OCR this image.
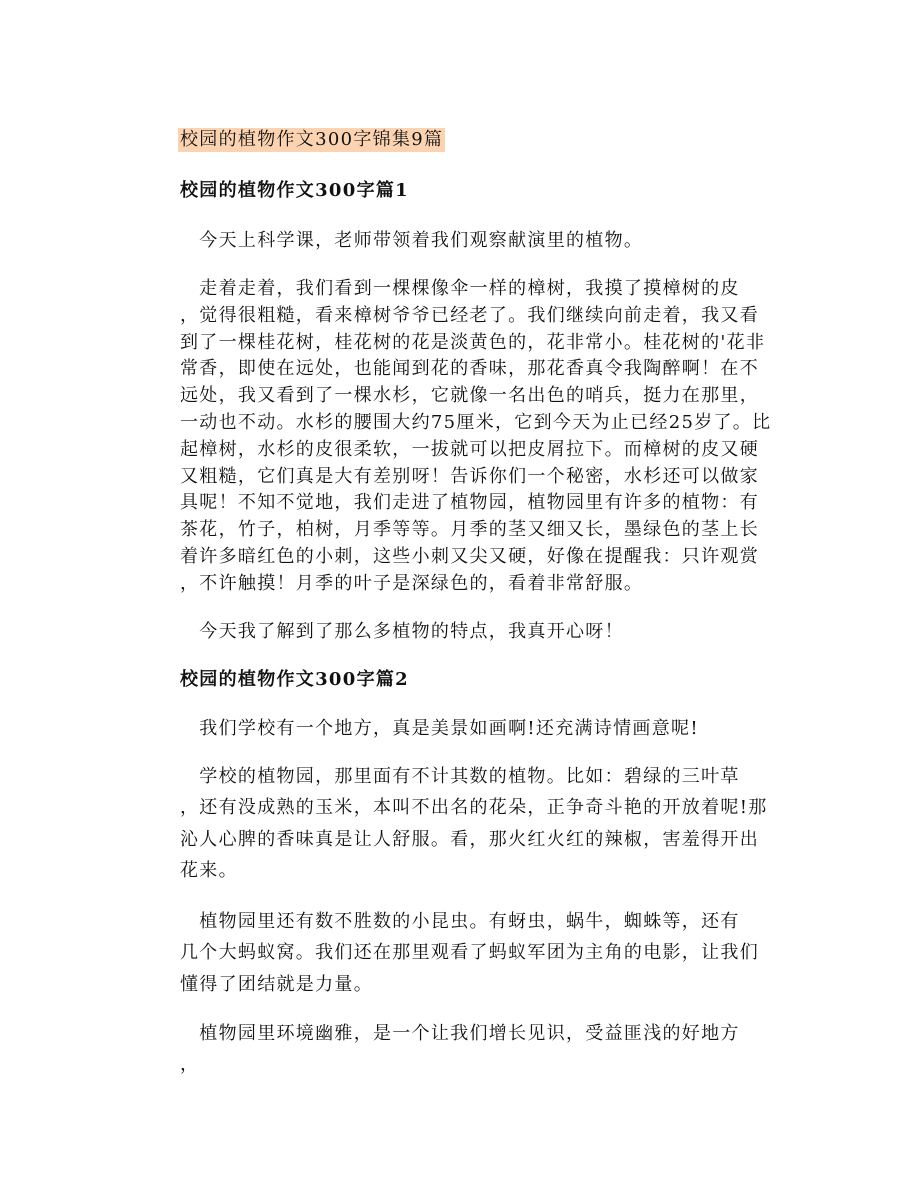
校园的植物作文300字锦集9篇
校园的植物作文300字篇1
　今天上科学课，老师带领着我们观察献演里的植物。
　走着走着，我们看到一棵棵像伞一样的樟树，我摸了摸樟树的皮
，觉得很粗糙，看来樟树爷爷已经老了。我们继续向前走着，我又看
到了一棵桂花树，桂花树的花是淡黄色的，花非常小。桂花树的'花非
常香，即使在远处，也能闻到花的香味，那花香真令我陶醉啊！在不
远处，我又看到了一棵水杉，它就像一名出色的哨兵，挺力在那里，
一动也不动。水杉的腰围大约75厘米，它到今天为止已经25岁了。比
起樟树，水杉的皮很柔软，一拔就可以把皮屑拉下。而樟树的皮又硬
又粗糙，它们真是大有差别呀！告诉你们一个秘密，水杉还可以做家
具呢！不知不觉地，我们走进了植物园，植物园里有许多的植物：有
茶花，竹子，柏树，月季等等。月季的茎又细又长，墨绿色的茎上长
着许多暗红色的小刺，这些小刺又尖又硬，好像在提醒我：只许观赏
，不许触摸！月季的叶子是深绿色的，看着非常舒服。
　今天我了解到了那么多植物的特点，我真开心呀！
校园的植物作文300字篇2
　我们学校有一个地方，真是美景如画啊!还充满诗情画意呢!
　学校的植物园，那里面有不计其数的植物。比如：碧绿的三叶草
，还有没成熟的玉米，本叫不出名的花朵，正争奇斗艳的开放着呢!那
沁人心脾的香味真是让人舒服。看，那火红火红的辣椒，害羞得开出
花来。
　植物园里还有数不胜数的小昆虫。有蚜虫，蜗牛，蜘蛛等，还有
几个大蚂蚁窝。我们还在那里观看了蚂蚁军团为主角的电影，让我们
懂得了团结就是力量。
　植物园里环境幽雅，是一个让我们增长见识，受益匪浅的好地方
，
